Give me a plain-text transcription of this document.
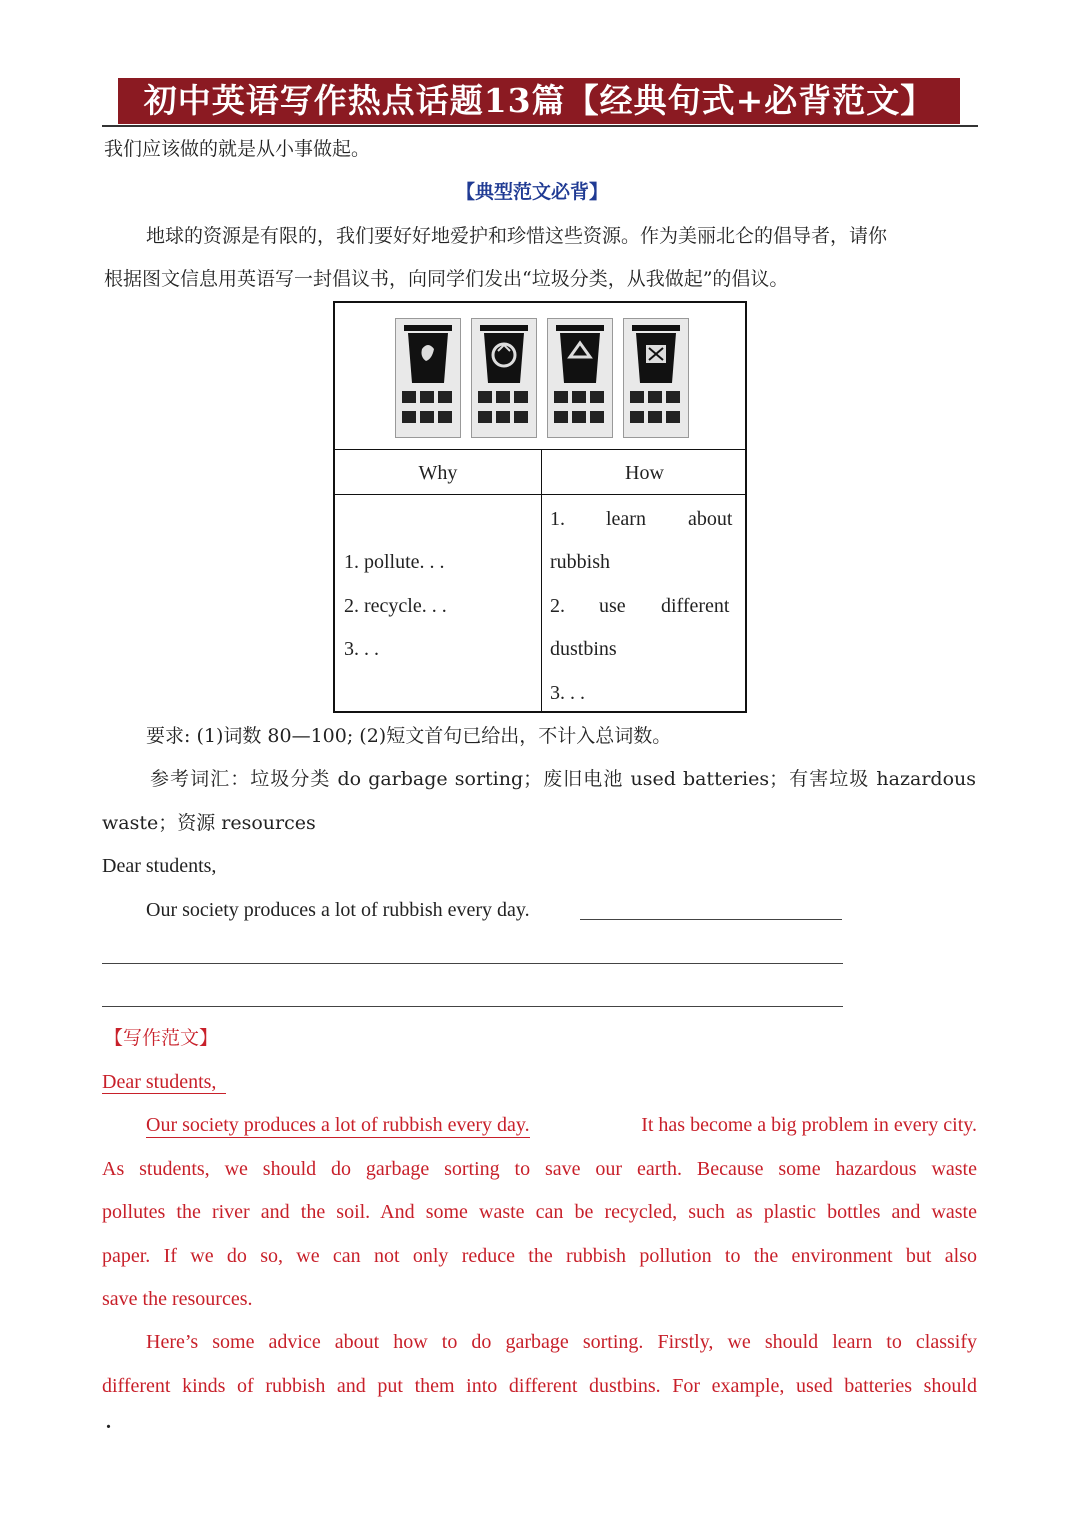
初中英语写作热点话题13篇【经典句式+必背范文】
我们应该做的就是从小事做起。
【典型范文必背】
地球的资源是有限的，我们要好好地爱护和珍惜这些资源。作为美丽北仑的倡导者，请你
根据图文信息用英语写一封倡议书，向同学们发出“垃圾分类，从我做起”的倡议。
Why	How
1. pollute. . .
2. recycle. . .
3. . .
1. learn about
rubbish
2. use different
dustbins
3. . .
要求: (1)词数 80—100; (2)短文首句已给出，不计入总词数。
参考词汇：垃圾分类 do garbage sorting；废旧电池 used batteries；有害垃圾 hazardous
waste；资源 resources
Dear students,
Our society produces a lot of rubbish every day.
【写作范文】
Dear students,
Our society produces a lot of rubbish every day.	It has become a big problem in every city.
As students, we should do garbage sorting to save our earth. Because some hazardous waste
pollutes the river and the soil. And some waste can be recycled, such as plastic bottles and waste
paper. If we do so, we can not only reduce the rubbish pollution to the environment but also
save the resources.
Here’s some advice about how to do garbage sorting. Firstly, we should learn to classify
different kinds of rubbish and put them into different dustbins. For example, used batteries should
.
